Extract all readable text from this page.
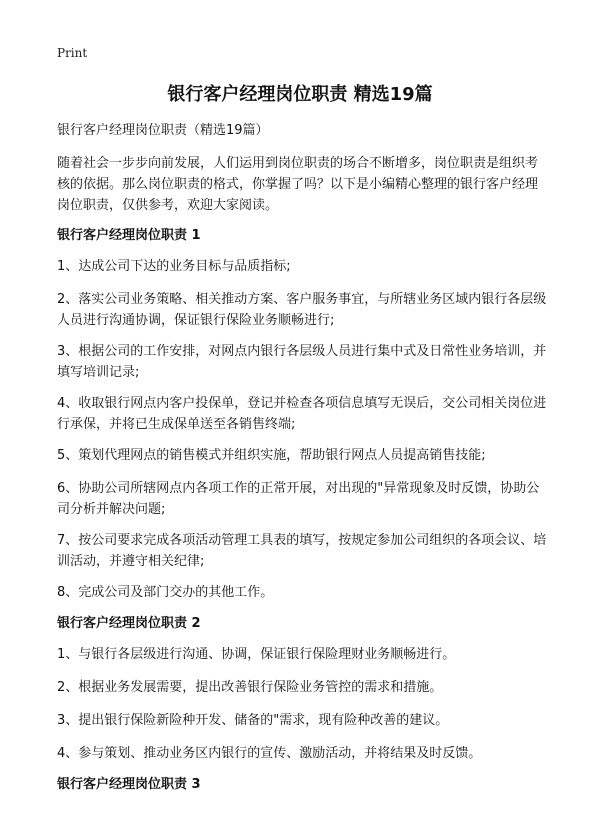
Print

银行客户经理岗位职责 精选19篇

银行客户经理岗位职责（精选19篇）

随着社会一步步向前发展，人们运用到岗位职责的场合不断增多，岗位职责是组织考核的依据。那么岗位职责的格式，你掌握了吗？以下是小编精心整理的银行客户经理岗位职责，仅供参考，欢迎大家阅读。

银行客户经理岗位职责 1

1、达成公司下达的业务目标与品质指标;

2、落实公司业务策略、相关推动方案、客户服务事宜，与所辖业务区域内银行各层级人员进行沟通协调，保证银行保险业务顺畅进行;

3、根据公司的工作安排，对网点内银行各层级人员进行集中式及日常性业务培训，并填写培训记录;

4、收取银行网点内客户投保单，登记并检查各项信息填写无误后，交公司相关岗位进行承保，并将已生成保单送至各销售终端;

5、策划代理网点的销售模式并组织实施，帮助银行网点人员提高销售技能;

6、协助公司所辖网点内各项工作的正常开展，对出现的"异常现象及时反馈，协助公司分析并解决问题;

7、按公司要求完成各项活动管理工具表的填写，按规定参加公司组织的各项会议、培训活动，并遵守相关纪律;

8、完成公司及部门交办的其他工作。

银行客户经理岗位职责 2

1、与银行各层级进行沟通、协调，保证银行保险理财业务顺畅进行。

2、根据业务发展需要，提出改善银行保险业务管控的需求和措施。

3、提出银行保险新险种开发、储备的"需求，现有险种改善的建议。

4、参与策划、推动业务区内银行的宣传、激励活动，并将结果及时反馈。

银行客户经理岗位职责 3
